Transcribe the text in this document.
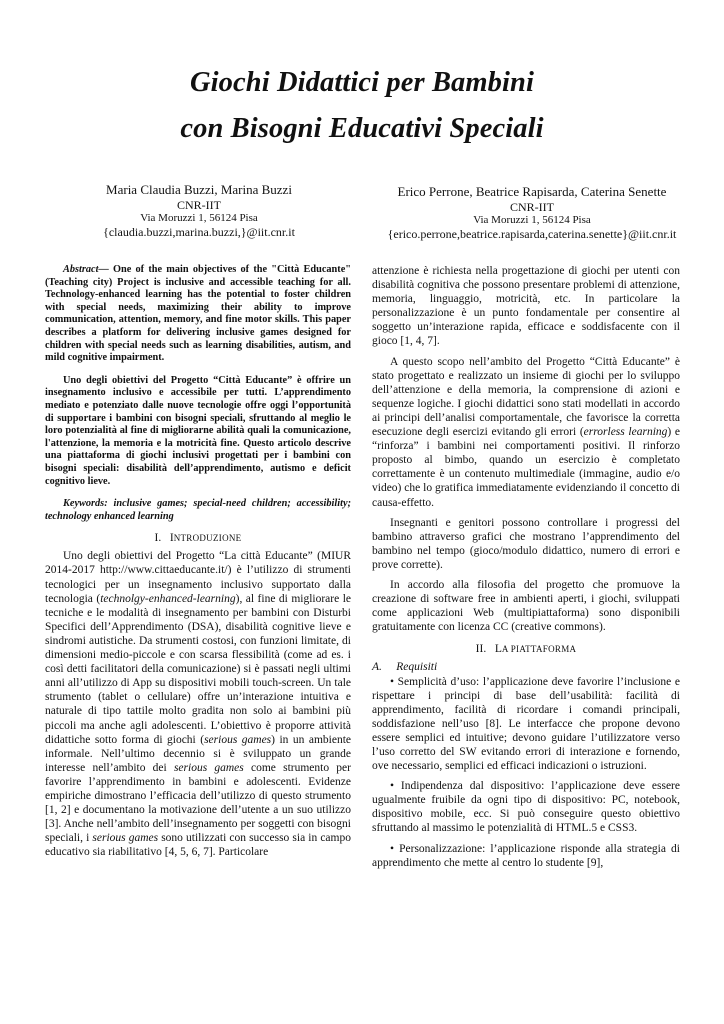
Giochi Didattici per Bambini
con Bisogni Educativi Speciali
Maria Claudia Buzzi, Marina Buzzi
CNR-IIT
Via Moruzzi 1, 56124 Pisa
{claudia.buzzi,marina.buzzi,}@iit.cnr.it
Erico Perrone, Beatrice Rapisarda, Caterina Senette
CNR-IIT
Via Moruzzi 1, 56124 Pisa
{erico.perrone,beatrice.rapisarda,caterina.senette}@iit.cnr.it

Abstract— One of the main objectives of the "Città Educante" (Teaching city) Project is inclusive and accessible teaching for all. Technology-enhanced learning has the potential to foster children with special needs, maximizing their ability to improve communication, attention, memory, and fine motor skills. This paper describes a platform for delivering inclusive games designed for children with special needs such as learning disabilities, autism, and mild cognitive impairment.

Uno degli obiettivi del Progetto “Città Educante” è offrire un insegnamento inclusivo e accessibile per tutti. L’apprendimento mediato e potenziato dalle nuove tecnologie offre oggi l’opportunità di supportare i bambini con bisogni speciali, sfruttando al meglio le loro potenzialità al fine di migliorarne abilità quali la comunicazione, l'attenzione, la memoria e la motricità fine. Questo articolo descrive una piattaforma di giochi inclusivi progettati per i bambini con bisogni speciali: disabilità dell’apprendimento, autismo e deficit cognitivo lieve.

Keywords: inclusive games; special-need children; accessibility; technology enhanced learning

I. INTRODUZIONE

Uno degli obiettivi del Progetto “La città Educante” (MIUR 2014-2017 http://www.cittaeducante.it/) è l’utilizzo di strumenti tecnologici per un insegnamento inclusivo supportato dalla tecnologia (technolgy-enhanced-learning), al fine di migliorare le tecniche e le modalità di insegnamento per bambini con Disturbi Specifici dell’Apprendimento (DSA), disabilità cognitive lieve e sindromi autistiche. Da strumenti costosi, con funzioni limitate, di dimensioni medio-piccole e con scarsa flessibilità (come ad es. i così detti facilitatori della comunicazione) si è passati negli ultimi anni all’utilizzo di App su dispositivi mobili touch-screen. Un tale strumento (tablet o cellulare) offre un’interazione intuitiva e naturale di tipo tattile molto gradita non solo ai bambini più piccoli ma anche agli adolescenti. L’obiettivo è proporre attività didattiche sotto forma di giochi (serious games) in un ambiente informale. Nell’ultimo decennio si è sviluppato un grande interesse nell’ambito dei serious games come strumento per favorire l’apprendimento in bambini e adolescenti. Evidenze empiriche dimostrano l’efficacia dell’utilizzo di questo strumento [1, 2] e documentano la motivazione dell’utente a un suo utilizzo [3]. Anche nell’ambito dell’insegnamento per soggetti con bisogni speciali, i serious games sono utilizzati con successo sia in campo educativo sia riabilitativo [4, 5, 6, 7]. Particolare

attenzione è richiesta nella progettazione di giochi per utenti con disabilità cognitiva che possono presentare problemi di attenzione, memoria, linguaggio, motricità, etc. In particolare la personalizzazione è un punto fondamentale per consentire al soggetto un’interazione rapida, efficace e soddisfacente con il gioco [1, 4, 7].

A questo scopo nell’ambito del Progetto “Città Educante” è stato progettato e realizzato un insieme di giochi per lo sviluppo dell’attenzione e della memoria, la comprensione di azioni e sequenze logiche. I giochi didattici sono stati modellati in accordo ai principi dell’analisi comportamentale, che favorisce la corretta esecuzione degli esercizi evitando gli errori (errorless learning) e “rinforza” i bambini nei comportamenti positivi. Il rinforzo proposto al bimbo, quando un esercizio è completato correttamente è un contenuto multimediale (immagine, audio e/o video) che lo gratifica immediatamente evidenziando il concetto di causa-effetto.

Insegnanti e genitori possono controllare i progressi del bambino attraverso grafici che mostrano l’apprendimento del bambino nel tempo (gioco/modulo didattico, numero di errori e prove corrette).

In accordo alla filosofia del progetto che promuove la creazione di software free in ambienti aperti, i giochi, sviluppati come applicazioni Web (multipiattaforma) sono disponibili gratuitamente con licenza CC (creative commons).

II. LA PIATTAFORMA

A. Requisiti

• Semplicità d’uso: l’applicazione deve favorire l’inclusione e rispettare i principi di base dell’usabilità: facilità di apprendimento, facilità di ricordare i comandi principali, soddisfazione nell’uso [8]. Le interfacce che propone devono essere semplici ed intuitive; devono guidare l’utilizzatore verso l’uso corretto del SW evitando errori di interazione e fornendo, ove necessario, semplici ed efficaci indicazioni o istruzioni.

• Indipendenza dal dispositivo: l’applicazione deve essere ugualmente fruibile da ogni tipo di dispositivo: PC, notebook, dispositivo mobile, ecc. Si può conseguire questo obiettivo sfruttando al massimo le potenzialità di HTML.5 e CSS3.

• Personalizzazione: l’applicazione risponde alla strategia di apprendimento che mette al centro lo studente [9],
